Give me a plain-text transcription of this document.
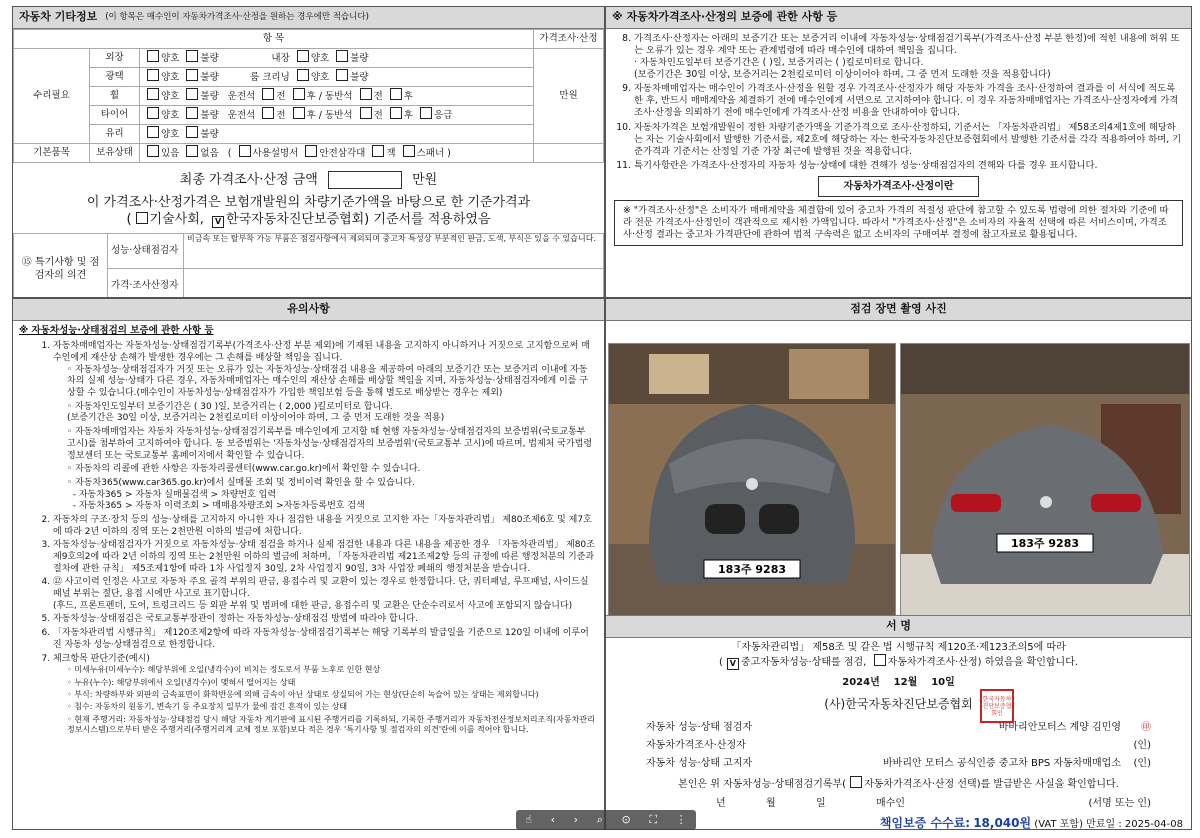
자동차 기타정보 (이 항목은 매수인이 자동차가격조사·산정을 원하는 경우에만 적습니다)
항 목			가격조사·산정
수리필요	외장	양호 불량 내장 양호 불량	만원
	광택	양호 불량 룸 크리닝 양호 불량	
	휠	양호 불량 운전석 전 후 / 동반석 전 후	
	타이어	양호 불량 운전석 전 후 / 동반석 전 후 응급	
	유리	양호 불량	
기본품목	보유상태	있음 없음 ( 사용설명서 안전삼각대 잭 스패너 )	
최종 가격조사·산정 금액	만원
이 가격조사·산정가격은 보험개발원의 차량기준가액을 바탕으로 한 기준가격과
( 기술사회, V 한국자동차진단보증협회) 기준서를 적용하였음
⑮ 특기사항 및 점검자의 의견	성능·상태점검자	비금속 또는 탈부착 가능 부품은 점검사항에서 제외되며 중고차 특성상 부분적인 판금, 도색, 부식은 있을 수 있습니다.
	가격·조사산정자	
※ 자동차가격조사·산정의 보증에 관한 사항 등
8. 가격조사·산정자는 아래의 보증기간 또는 보증거리 이내에 자동차성능·상태점검기록부(가격조사·산정 부분 한정)에 적힌 내용에 허위 또는 오류가 있는 경우 계약 또는 관계법령에 따라 매수인에 대하여 책임을 집니다.
· 자동차인도일부터 보증기간은 ( )일, 보증거리는 ( )킬로미터로 합니다.
(보증기간은 30일 이상, 보증거리는 2천킬로미터 이상이어야 하며, 그 중 먼저 도래한 것을 적용합니다)
9. 자동차매매업자는 매수인이 가격조사·산정을 원할 경우 가격조사·산정자가 해당 자동차 가격을 조사·산정하여 결과를 이 서식에 적도록 한 후, 반드시 매매계약을 체결하기 전에 매수인에게 서면으로 고지하여야 합니다. 이 경우 자동차매매업자는 가격조사·산정자에게 가격조사·산정을 의뢰하기 전에 매수인에게 가격조사·산정 비용을 안내하여야 합니다.
10. 자동차가격은 보험개발원이 정한 차량기준가액을 기준가격으로 조사·산정하되, 기준서는 「자동차관리법」 제58조의4제1호에 해당하는 자는 기술사회에서 발행한 기준서를, 제2호에 해당하는 자는 한국자동차진단보증협회에서 발행한 기준서를 각각 적용하여야 하며, 기준가격과 기준서는 산정일 기준 가장 최근에 발행된 것을 적용합니다.
11. 특기사항란은 가격조사·산정자의 자동차 성능·상태에 대한 견해가 성능·상태점검자의 견해와 다를 경우 표시합니다.
자동차가격조사·산정이란
※ "가격조사·산정"은 소비자가 매매계약을 체결함에 있어 중고차 가격의 적절성 판단에 참고할 수 있도록 법령에 의한 절차와 기준에 따라 전문 가격조사·산정인이 객관적으로 제시한 가액입니다. 따라서 "가격조사·산정"은 소비자의 자율적 선택에 따른 서비스이며, 가격조사·산정 결과는 중고차 가격판단에 관하여 법적 구속력은 없고 소비자의 구매여부 결정에 참고자료로 활용됩니다.
유의사항
※ 자동차성능·상태점검의 보증에 관한 사항 등
1. 자동차매매업자는 자동차성능·상태점검기록부(가격조사·산정 부분 제외)에 기재된 내용을 고지하지 아니하거나 거짓으로 고지함으로써 매수인에게 재산상 손해가 발생한 경우에는 그 손해를 배상할 책임을 집니다.
◦ 자동차성능·상태점검자가 거짓 또는 오류가 있는 자동차성능·상태점검 내용을 제공하여 아래의 보증기간 또는 보증거리 이내에 자동차의 실제 성능·상태가 다른 경우, 자동차매매업자는 매수인의 재산상 손해를 배상할 책임을 지며, 자동차성능·상태점검자에게 이를 구상할 수 있습니다.(매수인이 자동차성능·상태점검자가 가입한 책임보험 등을 통해 별도로 배상받는 경우는 제외)
◦ 자동차인도일부터 보증기간은 ( 30 )일, 보증거리는 ( 2,000 )킬로미터로 합니다.
(보증기간은 30일 이상, 보증거리는 2천킬로미터 이상이어야 하며, 그 중 먼저 도래한 것을 적용)
◦ 자동차매매업자는 자동차 자동차성능·상태점검기록부를 매수인에게 고지할 때 현행 자동차성능·상태점검자의 보증범위(국토교통부 고시)를 첨부하여 고지하여야 합니다. 동 보증범위는 '자동차성능·상태점검자의 보증범위'(국토교통부 고시)에 따르며, 법제처 국가법령정보센터 또는 국토교통부 홈페이지에서 확인할 수 있습니다.
◦ 자동차의 리콜에 관한 사항은 자동차리콜센터(www.car.go.kr)에서 확인할 수 있습니다.
◦ 자동차365(www.car365.go.kr)에서 실매물 조회 및 정비이력 확인을 할 수 있습니다.
- 자동차365 > 자동차 실매물검색 > 차량번호 입력
- 자동차365 > 자동차 이력조회 > 매매용차량조회 >자동차등록번호 검색
2. 자동차의 구조·장치 등의 성능·상태를 고지하지 아니한 자나 점검한 내용을 거짓으로 고지한 자는「자동차관리법」 제80조제6호 및 제7호에 따라 2년 이하의 징역 또는 2천만원 이하의 벌금에 처합니다.
3. 자동차성능·상태점검자가 거짓으로 자동차성능·상태 점검을 하거나 실제 점검한 내용과 다른 내용을 제공한 경우 「자동차관리법」 제80조제9호의2에 따라 2년 이하의 징역 또는 2천만원 이하의 벌금에 처하며, 「자동차관리법 제21조제2항 등의 규정에 따른 행정처분의 기준과 절차에 관한 규칙」 제5조제1항에 따라 1차 사업정지 30일, 2차 사업정지 90일, 3차 사업장 폐쇄의 행정처분을 받습니다.
4. ⑫ 사고이력 인정은 사고로 자동차 주요 골격 부위의 판금, 용접수리 및 교환이 있는 경우로 한정합니다. 단, 쿼터패널, 루프패널, 사이드실패널 부위는 절단, 용접 시에만 사고로 표기합니다.
(후드, 프론트펜더, 도어, 트렁크리드 등 외판 부위 및 범퍼에 대한 판금, 용접수리 및 교환은 단순수리로서 사고에 포함되지 않습니다)
5. 자동차성능·상태점검은 국토교통부장관이 정하는 자동차성능·상태점검 방법에 따라야 합니다.
6. 「자동차관리법 시행규칙」 제120조제2항에 따라 자동차성능·상태점검기록부는 해당 기록부의 발급일을 기준으로 120일 이내에 이루어진 자동차 성능·상태점검으로 한정합니다.
7. 체크항목 판단기준(예시)
◦ 미세누유(미세누수): 해당부위에 오일(냉각수)이 비치는 정도로서 부품 노후로 인한 현상
◦ 누유(누수): 해당부위에서 오일(냉각수)이 맺혀서 떨어지는 상태
◦ 부식: 차량하부와 외판의 금속표면이 화학반응에 의해 금속이 아닌 상태로 상실되어 가는 현상(단순히 녹슬어 있는 상태는 제외합니다)
◦ 침수: 자동차의 원동기, 변속기 등 주요장치 일부가 물에 잠긴 흔적이 있는 상태
◦ 현재 주행거리: 자동차성능·상태점검 당시 해당 자동차 계기판에 표시된 주행거리를 기록하되, 기록한 주행거리가 자동차전산정보처리조직(자동차관리정보시스템)으로부터 받은 주행거리(주행거리계 교체 정보 포함)보다 적은 경우 '특기사항 및 점검자의 의견'란에 이를 적어야 합니다.
점검 장면 촬영 사진
183주 9283
183주 9283
서 명
「자동차관리법」 제58조 및 같은 법 시행규칙 제120조·제123조의5에 따라
( V 중고자동차성능·상태를 점검, 자동차가격조사·산정) 하였음을 확인합니다.
2024년 12월 10일
(사)한국자동차진단보증협회	한국자동차진단보증협회인
자동차 성능·상태 점검자	바바리안모터스 계양 김민영	㊞
자동차가격조사·산정자	(인)
자동차 성능·상태 고지자	바바리안 모터스 공식인증 중고차 BPS 자동차매매업소	(인)
본인은 위 자동차성능·상태점검기록부( 자동차가격조사·산정 선택)를 발급받은 사실을 확인합니다.
년	월	일	매수인	(서명 또는 인)
책임보증 수수료: 18,040원 (VAT 포함) 만료일 : 2025-04-08
☝ ‹ › ⌕ ⊙ ⛶ ⋮
